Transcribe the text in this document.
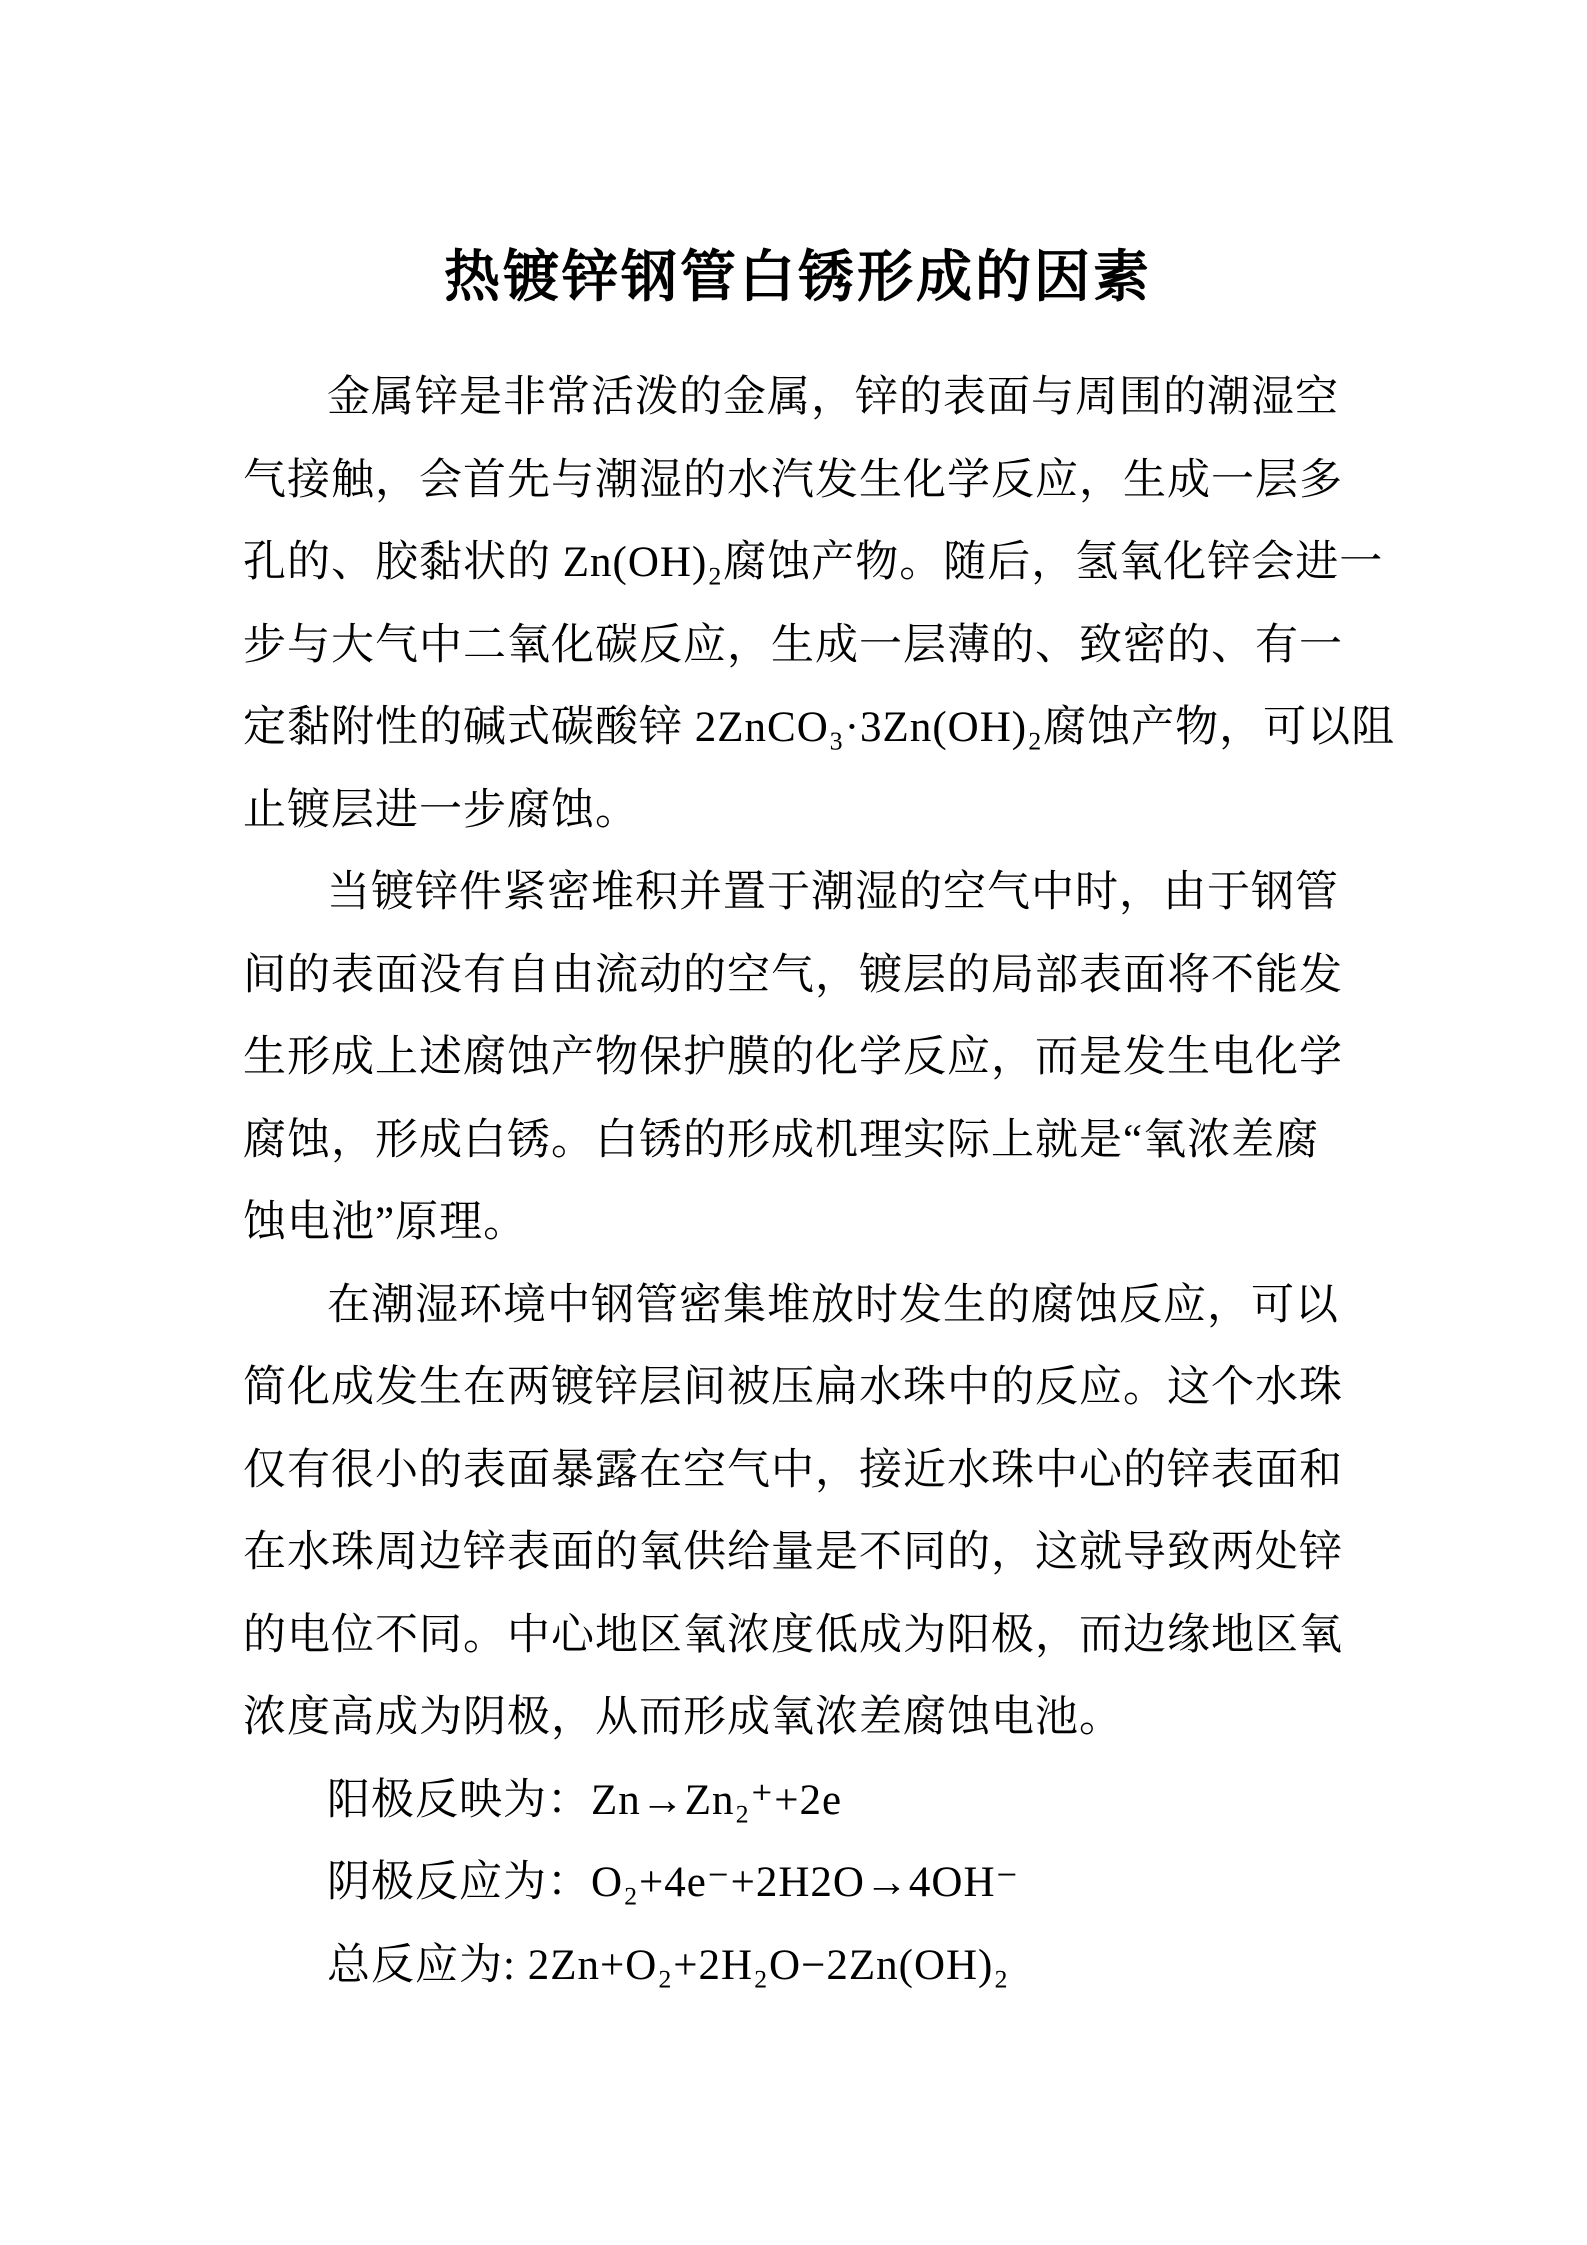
热镀锌钢管白锈形成的因素
金属锌是非常活泼的金属，锌的表面与周围的潮湿空
气接触，会首先与潮湿的水汽发生化学反应，生成一层多
孔的、胶黏状的 Zn(OH)₂腐蚀产物。随后，氢氧化锌会进一
步与大气中二氧化碳反应，生成一层薄的、致密的、有一
定黏附性的碱式碳酸锌 2ZnCO₃·3Zn(OH)₂腐蚀产物，可以阻
止镀层进一步腐蚀。
当镀锌件紧密堆积并置于潮湿的空气中时，由于钢管
间的表面没有自由流动的空气，镀层的局部表面将不能发
生形成上述腐蚀产物保护膜的化学反应，而是发生电化学
腐蚀，形成白锈。白锈的形成机理实际上就是“氧浓差腐
蚀电池”原理。
在潮湿环境中钢管密集堆放时发生的腐蚀反应，可以
简化成发生在两镀锌层间被压扁水珠中的反应。这个水珠
仅有很小的表面暴露在空气中，接近水珠中心的锌表面和
在水珠周边锌表面的氧供给量是不同的，这就导致两处锌
的电位不同。中心地区氧浓度低成为阳极，而边缘地区氧
浓度高成为阴极，从而形成氧浓差腐蚀电池。
阳极反映为：Zn→Zn₂⁺+2e
阴极反应为：O₂+4e⁻+2H2O→4OH⁻
总反应为: 2Zn+O₂+2H₂O−2Zn(OH)₂
